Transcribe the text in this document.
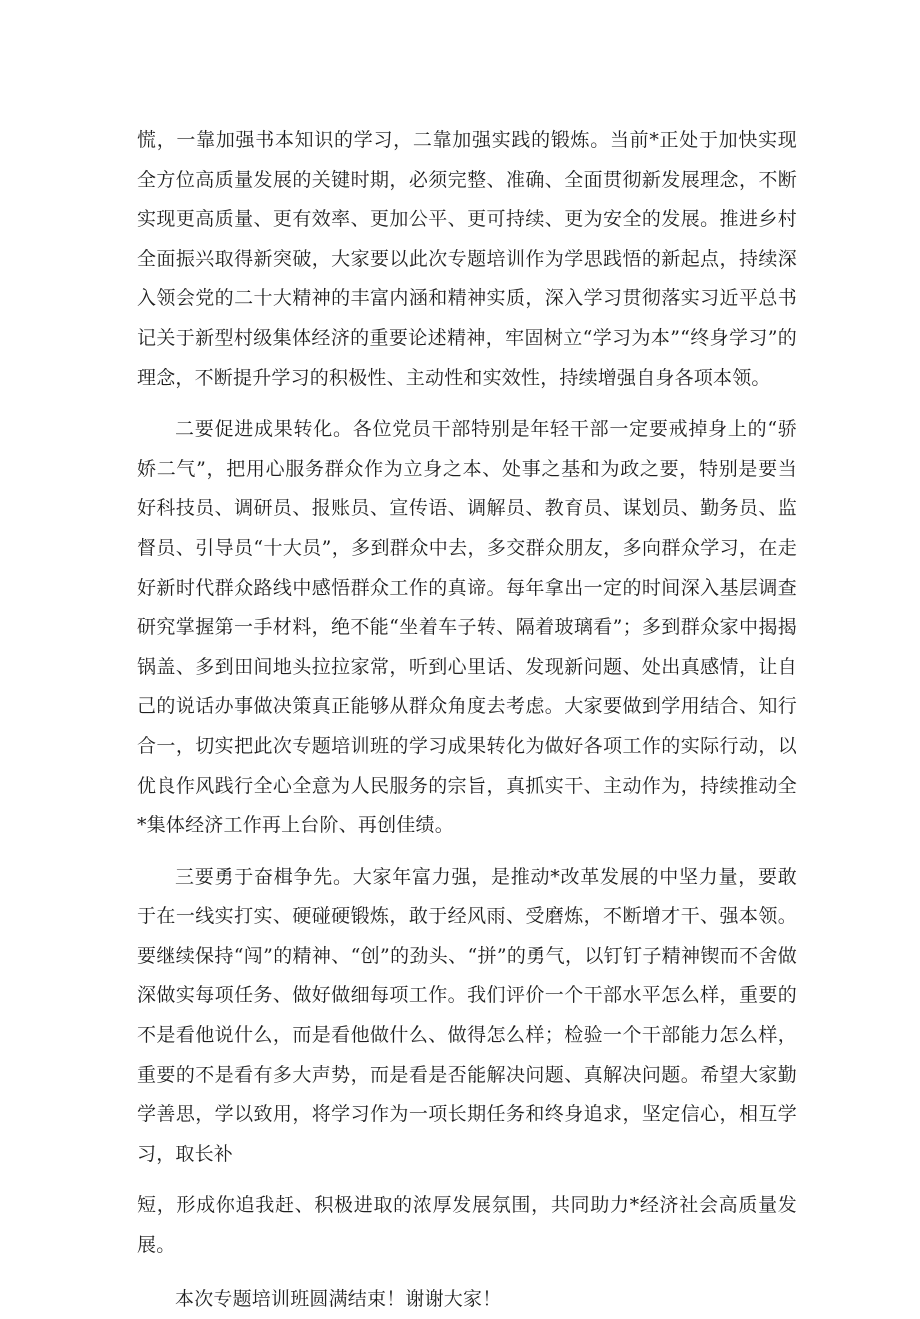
慌，一靠加强书本知识的学习，二靠加强实践的锻炼。当前*正处于加快实现全方位高质量发展的关键时期，必须完整、准确、全面贯彻新发展理念，不断实现更高质量、更有效率、更加公平、更可持续、更为安全的发展。推进乡村全面振兴取得新突破，大家要以此次专题培训作为学思践悟的新起点，持续深入领会党的二十大精神的丰富内涵和精神实质，深入学习贯彻落实习近平总书记关于新型村级集体经济的重要论述精神，牢固树立“学习为本”“终身学习”的理念，不断提升学习的积极性、主动性和实效性，持续增强自身各项本领。

二要促进成果转化。各位党员干部特别是年轻干部一定要戒掉身上的“骄娇二气”，把用心服务群众作为立身之本、处事之基和为政之要，特别是要当好科技员、调研员、报账员、宣传语、调解员、教育员、谋划员、勤务员、监督员、引导员“十大员”，多到群众中去，多交群众朋友，多向群众学习，在走好新时代群众路线中感悟群众工作的真谛。每年拿出一定的时间深入基层调查研究掌握第一手材料，绝不能“坐着车子转、隔着玻璃看”；多到群众家中揭揭锅盖、多到田间地头拉拉家常，听到心里话、发现新问题、处出真感情，让自己的说话办事做决策真正能够从群众角度去考虑。大家要做到学用结合、知行合一，切实把此次专题培训班的学习成果转化为做好各项工作的实际行动，以优良作风践行全心全意为人民服务的宗旨，真抓实干、主动作为，持续推动全*集体经济工作再上台阶、再创佳绩。

三要勇于奋楫争先。大家年富力强，是推动*改革发展的中坚力量，要敢于在一线实打实、硬碰硬锻炼，敢于经风雨、受磨炼，不断增才干、强本领。要继续保持“闯”的精神、“创”的劲头、“拼”的勇气，以钉钉子精神锲而不舍做深做实每项任务、做好做细每项工作。我们评价一个干部水平怎么样，重要的不是看他说什么，而是看他做什么、做得怎么样；检验一个干部能力怎么样，重要的不是看有多大声势，而是看是否能解决问题、真解决问题。希望大家勤学善思，学以致用，将学习作为一项长期任务和终身追求，坚定信心，相互学习，取长补

短，形成你追我赶、积极进取的浓厚发展氛围，共同助力*经济社会高质量发展。

本次专题培训班圆满结束！谢谢大家！
